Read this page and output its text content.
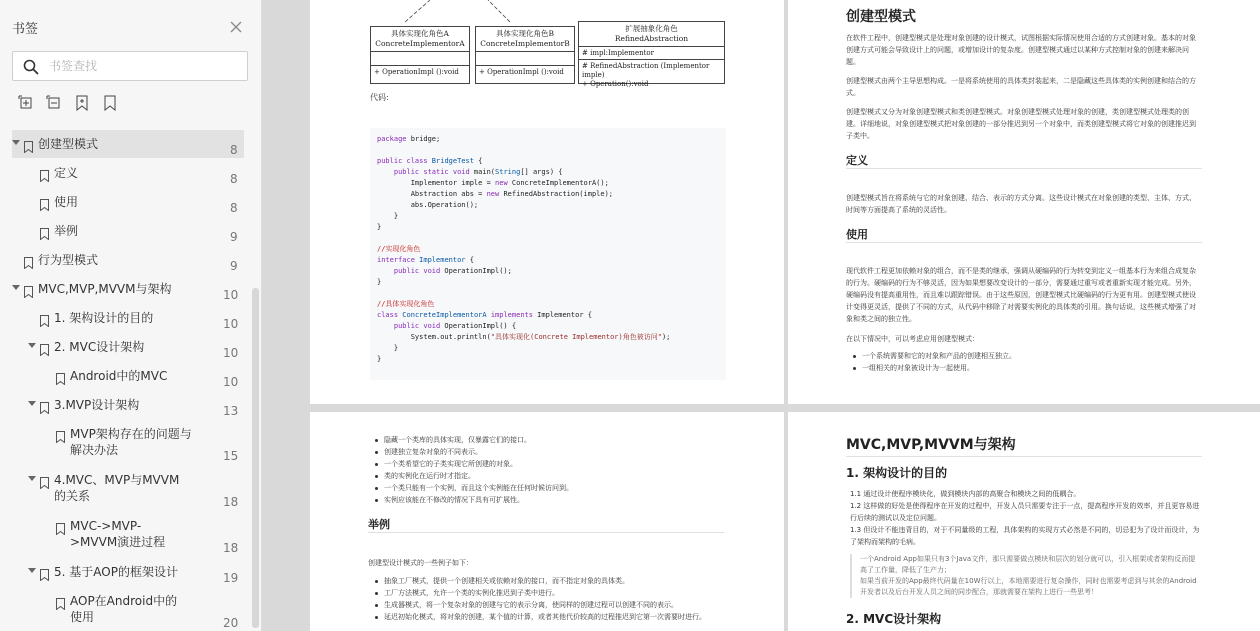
书签
书签查找
创建型模式	8
定义	8
使用	8
举例	9
行为型模式	9
MVC,MVP,MVVM与架构	10
1. 架构设计的目的	10
2. MVC设计架构	10
Android中的MVC	10
3.MVP设计架构	13
MVP架构存在的问题与解决办法	15
4.MVC、MVP与MVVM的关系	18
MVC->MVP->MVVM演进过程	18
5. 基于AOP的框架设计	19
AOP在Android中的使用	20
具体实现化角色A
ConcreteImplementorA
+ OperationImpl ():void
具体实现化角色B
ConcreteImplementorB
+ OperationImpl ():void
扩展抽象化角色
RefinedAbstraction
# impl:Implementor
# RefinedAbstraction (Implementor imple)
+ Operation():void
代码:
package bridge;

public class BridgeTest {
public static void main(String[] args) {
Implementor imple = new ConcreteImplementorA();
Abstraction abs = new RefinedAbstraction(imple);
abs.Operation();
}
}

//实现化角色
interface Implementor {
public void OperationImpl();
}

//具体实现化角色
class ConcreteImplementorA implements Implementor {
public void OperationImpl() {
System.out.println("具体实现化(Concrete Implementor)角色被访问");
}
}
创建型模式
在软件工程中，创建型模式是处理对象创建的设计模式，试图根据实际情况使用合适的方式创建对象。基本的对象创建方式可能会导致设计上的问题，或增加设计的复杂度。创建型模式通过以某种方式控制对象的创建来解决问题。
创建型模式由两个主导思想构成。一是将系统使用的具体类封装起来，二是隐藏这些具体类的实例创建和结合的方式。
创建型模式又分为对象创建型模式和类创建型模式。对象创建型模式处理对象的创建，类创建型模式处理类的创建。详细地说，对象创建型模式把对象创建的一部分推迟到另一个对象中，而类创建型模式将它对象的创建推迟到子类中。
定义
创建型模式旨在将系统与它的对象创建、结合、表示的方式分离。这些设计模式在对象创建的类型、主体、方式、时间等方面提高了系统的灵活性。
使用
现代软件工程更加依赖对象的组合，而不是类的继承，强调从硬编码的行为转变到定义一组基本行为来组合成复杂的行为。硬编码的行为不够灵活，因为如果想要改变设计的一部分，需要通过重写或者重新实现才能完成。另外，硬编码没有提高重用性，而且难以跟踪错误。由于这些原因，创建型模式比硬编码的行为更有用。创建型模式使设计变得更灵活，提供了不同的方式，从代码中移除了对需要实例化的具体类的引用。换句话说，这些模式增强了对象和类之间的独立性。
在以下情况中，可以考虑应用创建型模式：
一个系统需要和它的对象和产品的创建相互独立。
一组相关的对象被设计为一起使用。
隐藏一个类库的具体实现，仅暴露它们的接口。
创建独立复杂对象的不同表示。
一个类希望它的子类实现它所创建的对象。
类的实例化在运行时才指定。
一个类只能有一个实例，而且这个实例能在任何时候访问到。
实例应该能在不修改的情况下具有可扩展性。
举例
创建型设计模式的一些例子如下：
抽象工厂模式，提供一个创建相关或依赖对象的接口，而不指定对象的具体类。
工厂方法模式，允许一个类的实例化推迟到子类中进行。
生成器模式，将一个复杂对象的创建与它的表示分离，使同样的创建过程可以创建不同的表示。
延迟初始化模式，将对象的创建，某个值的计算，或者其他代价较高的过程推迟到它第一次需要时进行。
MVC,MVP,MVVM与架构
1. 架构设计的目的
1.1 通过设计使程序模块化，做到模块内部的高聚合和模块之间的低耦合。
1.2 这样做的好处是使得程序在开发的过程中，开发人员只需要专注于一点，提高程序开发的效率，并且更容易进行后续的测试以及定位问题。
1.3 但设计不能违背目的，对于不同量级的工程，具体架构的实现方式必然是不同的，切忌犯为了设计而设计，为了架构而架构的毛病。
一个Android App如果只有3个Java文件，那只需要做点模块和层次的划分就可以，引入框架或者架构反而提高了工作量，降低了生产力；
如果当前开发的App最终代码量在10W行以上，本地需要进行复杂操作，同时也需要考虑到与其余的Android开发者以及后台开发人员之间的同步配合，那就需要在架构上进行一些思考！
2. MVC设计架构
